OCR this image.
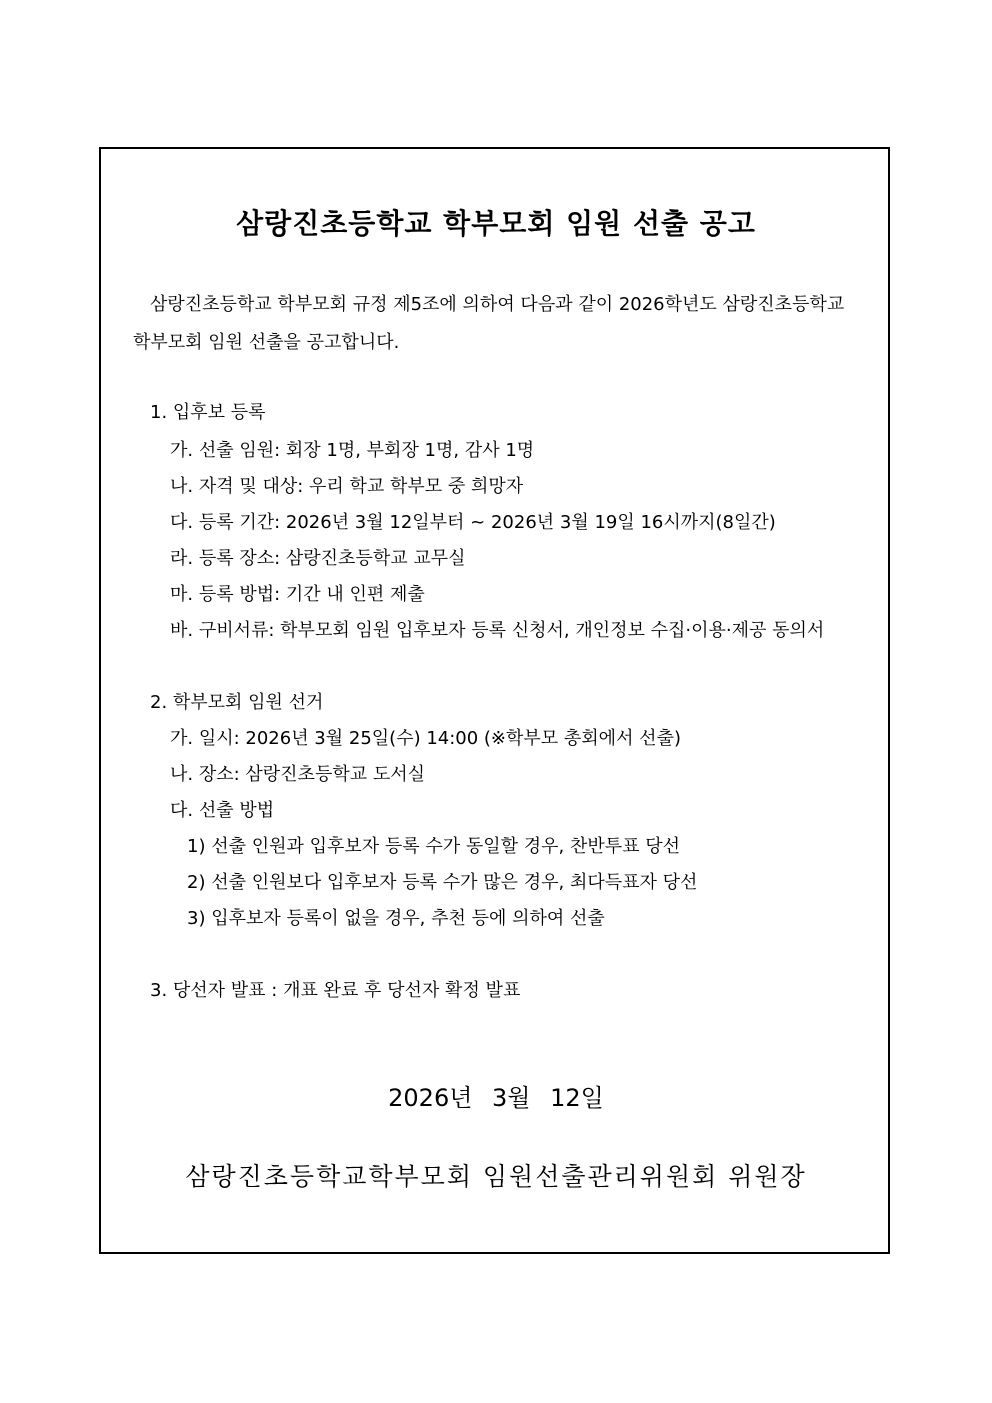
삼랑진초등학교 학부모회 임원 선출 공고
삼랑진초등학교 학부모회 규정 제5조에 의하여 다음과 같이 2026학년도 삼랑진초등학교
학부모회 임원 선출을 공고합니다.
1. 입후보 등록
가. 선출 임원: 회장 1명, 부회장 1명, 감사 1명
나. 자격 및 대상: 우리 학교 학부모 중 희망자
다. 등록 기간: 2026년 3월 12일부터 ~ 2026년 3월 19일 16시까지(8일간)
라. 등록 장소: 삼랑진초등학교 교무실
마. 등록 방법: 기간 내 인편 제출
바. 구비서류: 학부모회 임원 입후보자 등록 신청서, 개인정보 수집·이용·제공 동의서
2. 학부모회 임원 선거
가. 일시: 2026년 3월 25일(수) 14:00 (※학부모 총회에서 선출)
나. 장소: 삼랑진초등학교 도서실
다. 선출 방법
1) 선출 인원과 입후보자 등록 수가 동일할 경우, 찬반투표 당선
2) 선출 인원보다 입후보자 등록 수가 많은 경우, 최다득표자 당선
3) 입후보자 등록이 없을 경우, 추천 등에 의하여 선출
3. 당선자 발표 : 개표 완료 후 당선자 확정 발표
2026년 3월 12일
삼랑진초등학교학부모회 임원선출관리위원회 위원장
